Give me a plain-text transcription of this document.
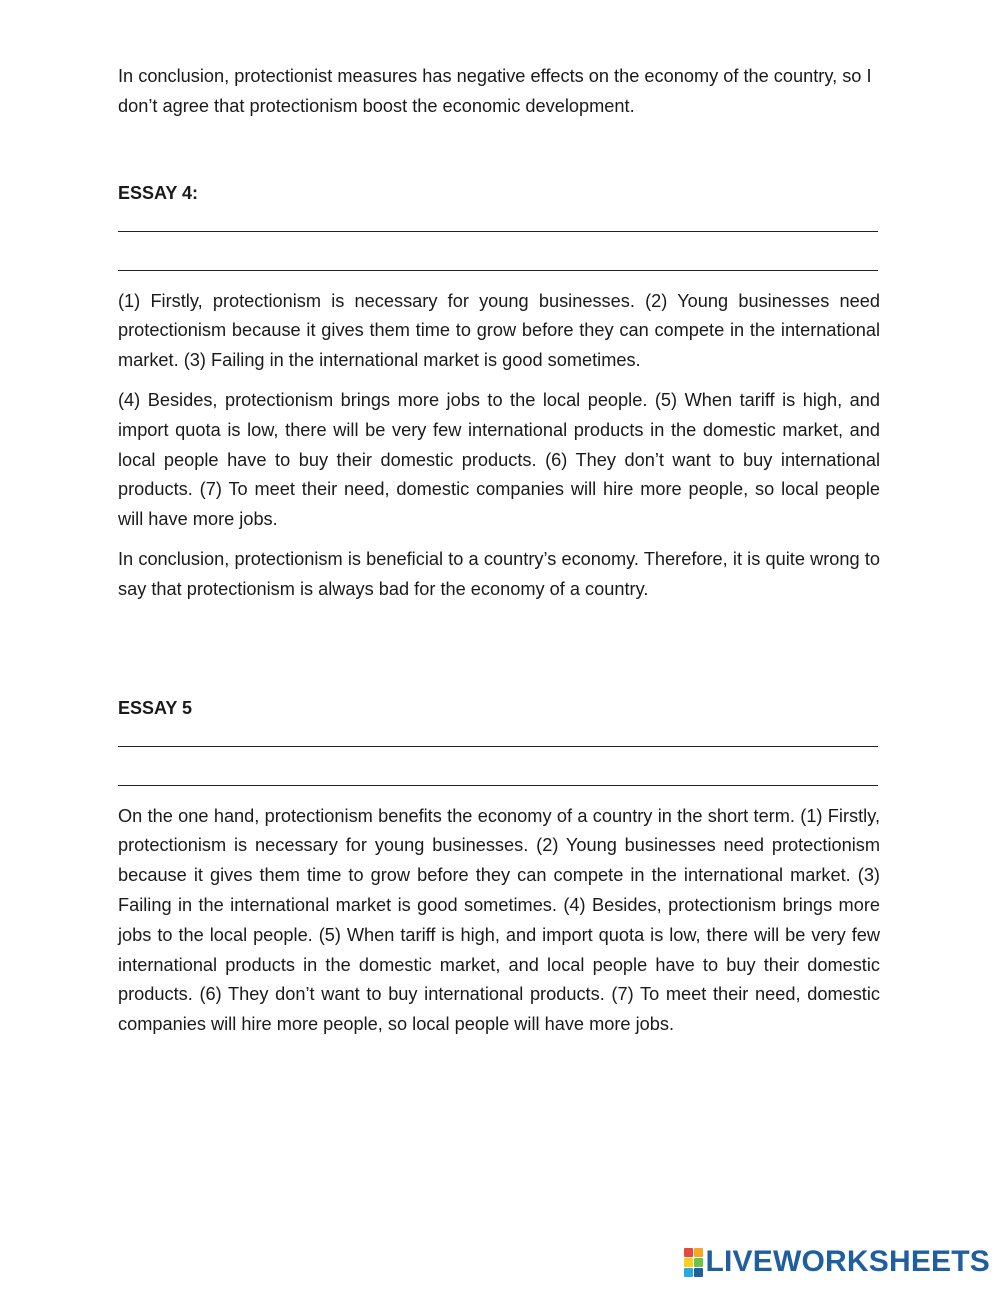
In conclusion, protectionist measures has negative effects on the economy of the country, so I don’t agree that protectionism boost the economic development.

ESSAY 4:

(1) Firstly, protectionism is necessary for young businesses. (2) Young businesses need protectionism because it gives them time to grow before they can compete in the international market. (3) Failing in the international market is good sometimes.

(4) Besides, protectionism brings more jobs to the local people. (5) When tariff is high, and import quota is low, there will be very few international products in the domestic market, and local people have to buy their domestic products. (6) They don’t want to buy international products. (7) To meet their need, domestic companies will hire more people, so local people will have more jobs.

In conclusion, protectionism is beneficial to a country’s economy. Therefore, it is quite wrong to say that protectionism is always bad for the economy of a country.

ESSAY 5

On the one hand, protectionism benefits the economy of a country in the short term. (1) Firstly, protectionism is necessary for young businesses. (2) Young businesses need protectionism because it gives them time to grow before they can compete in the international market. (3) Failing in the international market is good sometimes. (4) Besides, protectionism brings more jobs to the local people. (5) When tariff is high, and import quota is low, there will be very few international products in the domestic market, and local people have to buy their domestic products. (6) They don’t want to buy international products. (7) To meet their need, domestic companies will hire more people, so local people will have more jobs.

LIVEWORKSHEETS
